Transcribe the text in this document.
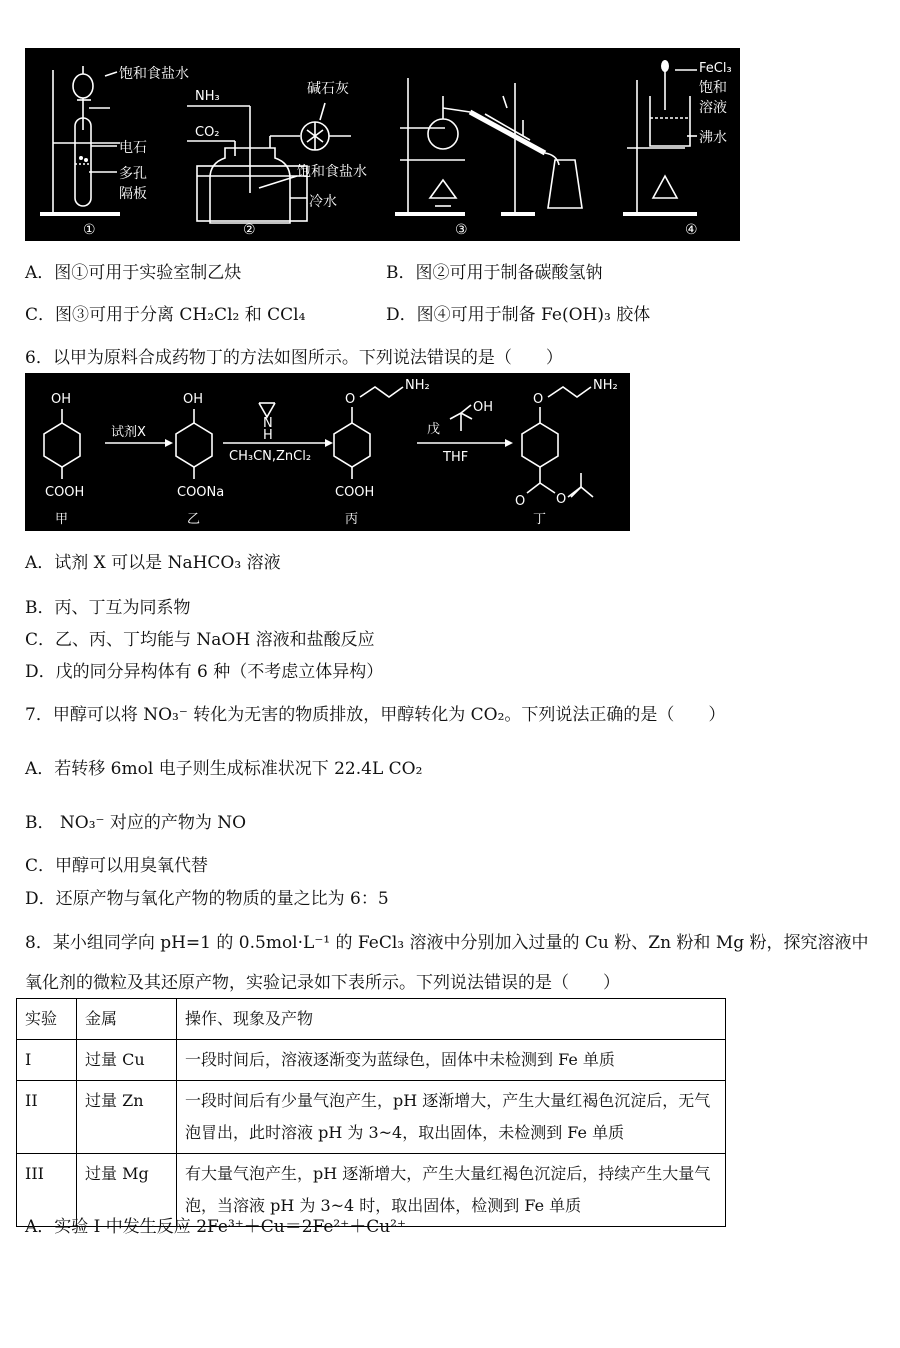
饱和食盐水
电石
多孔
隔板
①
NH₃
CO₂
碱石灰
饱和食盐水
冷水
②	③
FeCl₃
饱和
溶液
沸水
④
A．图①可用于实验室制乙炔	B．图②可用于制备碳酸氢钠
C．图③可用于分离 CH₂Cl₂ 和 CCl₄	D．图④可用于制备 Fe(OH)₃ 胶体
6．以甲为原料合成药物丁的方法如图所示。下列说法错误的是（　　）
OH
COOH
甲
试剂X
OH
COONa
乙
N
H
CH₃CN,ZnCl₂
O
NH₂
COOH
丙
戊
OH
THF
O
NH₂
O O
丁
A．试剂 X 可以是 NaHCO₃ 溶液
B．丙、丁互为同系物
C．乙、丙、丁均能与 NaOH 溶液和盐酸反应
D．戊的同分异构体有 6 种（不考虑立体异构）
7．甲醇可以将 NO₃⁻ 转化为无害的物质排放，甲醇转化为 CO₂。下列说法正确的是（　　）
A．若转移 6mol 电子则生成标准状况下 22.4L CO₂
B． NO₃⁻ 对应的产物为 NO
C．甲醇可以用臭氧代替
D．还原产物与氧化产物的物质的量之比为 6：5
8．某小组同学向 pH=1 的 0.5mol·L⁻¹ 的 FeCl₃ 溶液中分别加入过量的 Cu 粉、Zn 粉和 Mg 粉，探究溶液中
氧化剂的微粒及其还原产物，实验记录如下表所示。下列说法错误的是（　　）
实验	金属	操作、现象及产物
I	过量 Cu	一段时间后，溶液逐渐变为蓝绿色，固体中未检测到 Fe 单质
II	过量 Zn	一段时间后有少量气泡产生，pH 逐渐增大，产生大量红褐色沉淀后，无气泡冒出，此时溶液 pH 为 3~4，取出固体，未检测到 Fe 单质
III	过量 Mg	有大量气泡产生，pH 逐渐增大，产生大量红褐色沉淀后，持续产生大量气泡，当溶液 pH 为 3~4 时，取出固体，检测到 Fe 单质
A．实验 I 中发生反应 2Fe³⁺＋Cu＝2Fe²⁺＋Cu²⁺
